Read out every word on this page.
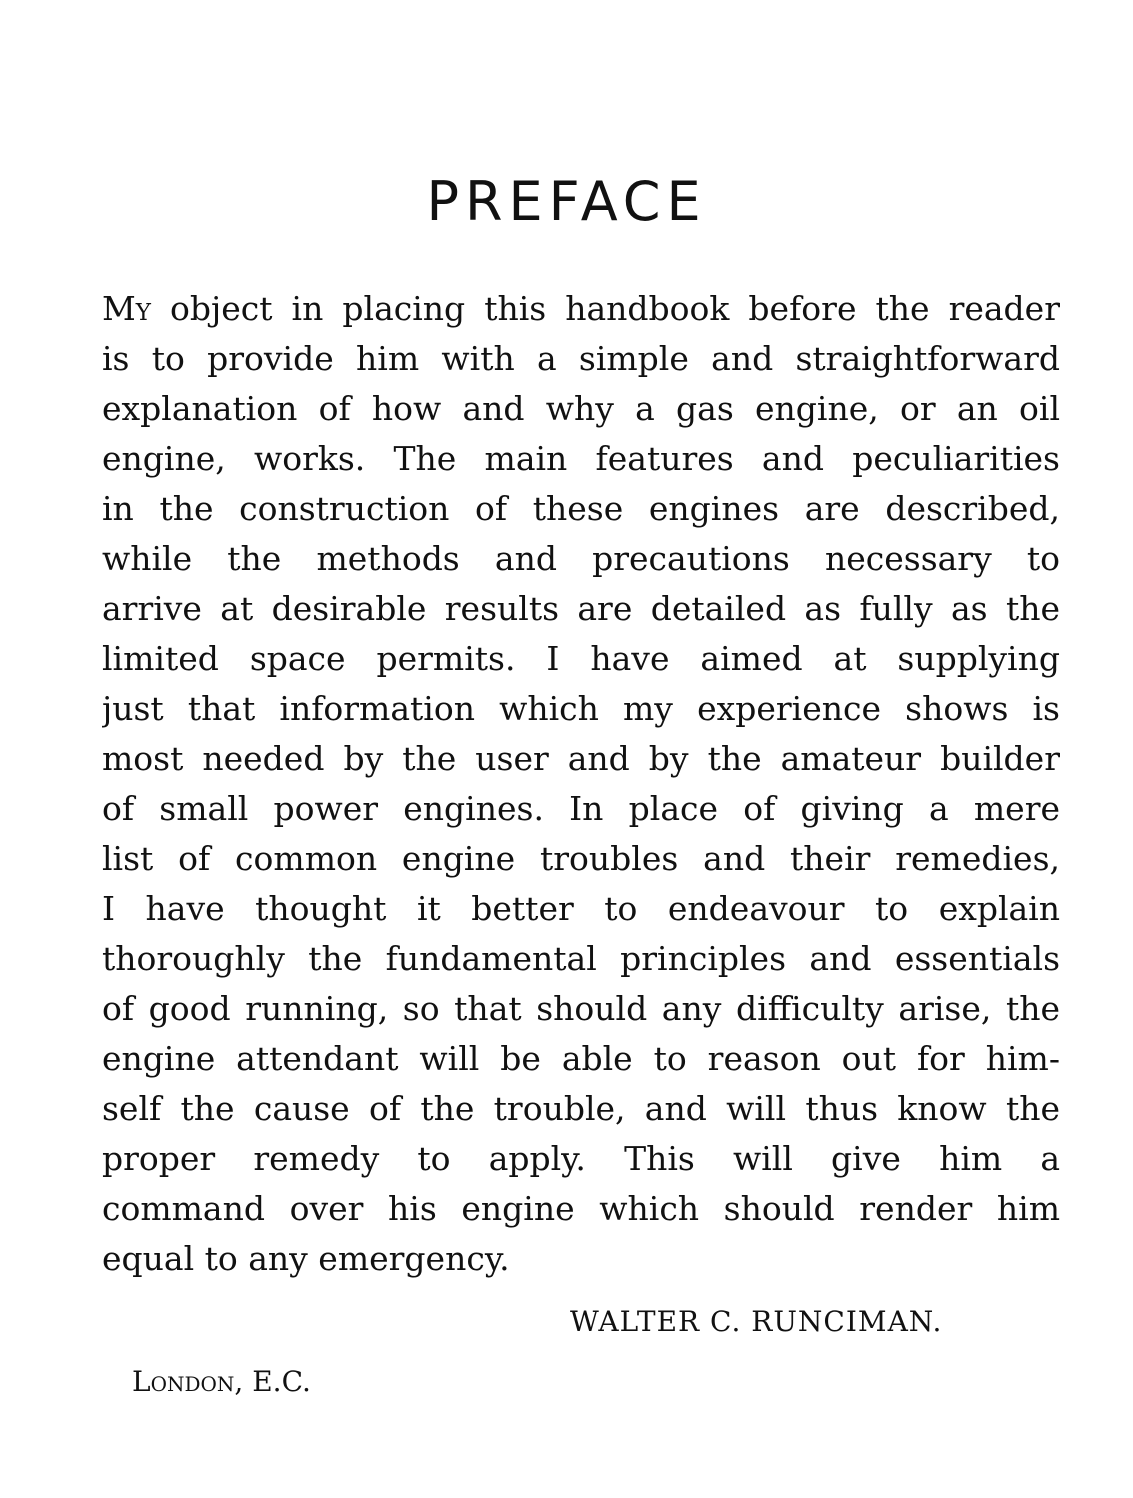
PREFACE
My object in placing this handbook before the reader
is to provide him with a simple and straightforward
explanation of how and why a gas engine, or an oil
engine, works. The main features and peculiarities
in the construction of these engines are described,
while the methods and precautions necessary to
arrive at desirable results are detailed as fully as the
limited space permits. I have aimed at supplying
just that information which my experience shows is
most needed by the user and by the amateur builder
of small power engines. In place of giving a mere
list of common engine troubles and their remedies,
I have thought it better to endeavour to explain
thoroughly the fundamental principles and essentials
of good running, so that should any difficulty arise, the
engine attendant will be able to reason out for him-
self the cause of the trouble, and will thus know the
proper remedy to apply. This will give him a
command over his engine which should render him
equal to any emergency.
WALTER C. RUNCIMAN.
London, E.C.
